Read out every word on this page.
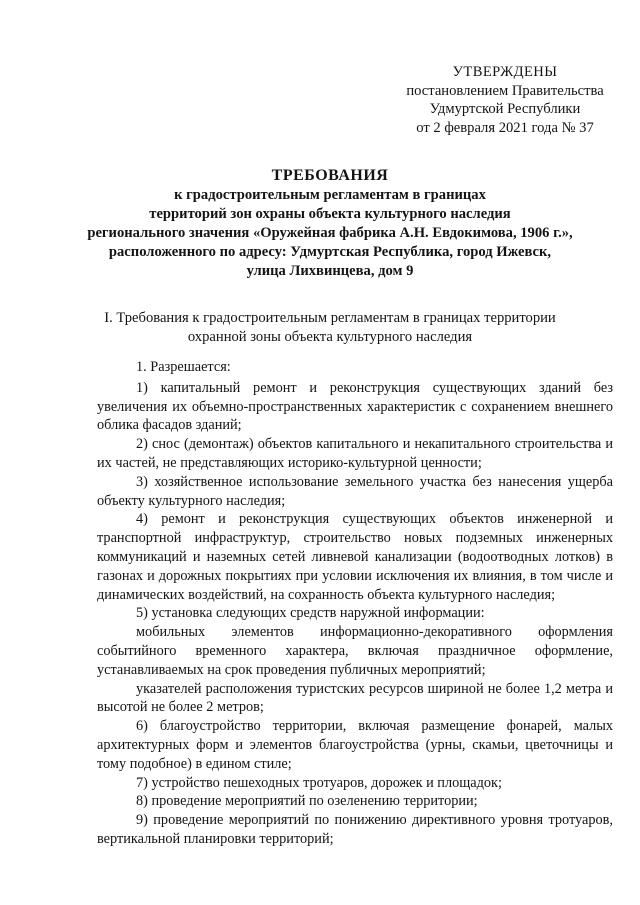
УТВЕРЖДЕНЫ
постановлением Правительства
Удмуртской Республики
от 2 февраля 2021 года № 37
ТРЕБОВАНИЯ
к градостроительным регламентам в границах
территорий зон охраны объекта культурного наследия
регионального значения «Оружейная фабрика А.Н. Евдокимова, 1906 г.»,
расположенного по адресу: Удмуртская Республика, город Ижевск,
улица Лихвинцева, дом 9
I. Требования к градостроительным регламентам в границах территории
охранной зоны объекта культурного наследия

1. Разрешается:

1) капитальный ремонт и реконструкция существующих зданий без увеличения их объемно-пространственных характеристик с сохранением внешнего облика фасадов зданий;

2) снос (демонтаж) объектов капитального и некапитального строительства и их частей, не представляющих историко-культурной ценности;

3) хозяйственное использование земельного участка без нанесения ущерба объекту культурного наследия;

4) ремонт и реконструкция существующих объектов инженерной и транспортной инфраструктур, строительство новых подземных инженерных коммуникаций и наземных сетей ливневой канализации (водоотводных лотков) в газонах и дорожных покрытиях при условии исключения их влияния, в том числе и динамических воздействий, на сохранность объекта культурного наследия;

5) установка следующих средств наружной информации:

мобильных элементов информационно-декоративного оформления событийного временного характера, включая праздничное оформление, устанавливаемых на срок проведения публичных мероприятий;

указателей расположения туристских ресурсов шириной не более 1,2 метра и высотой не более 2 метров;

6) благоустройство территории, включая размещение фонарей, малых архитектурных форм и элементов благоустройства (урны, скамьи, цветочницы и тому подобное) в едином стиле;

7) устройство пешеходных тротуаров, дорожек и площадок;

8) проведение мероприятий по озеленению территории;

9) проведение мероприятий по понижению директивного уровня тротуаров, вертикальной планировки территорий;
